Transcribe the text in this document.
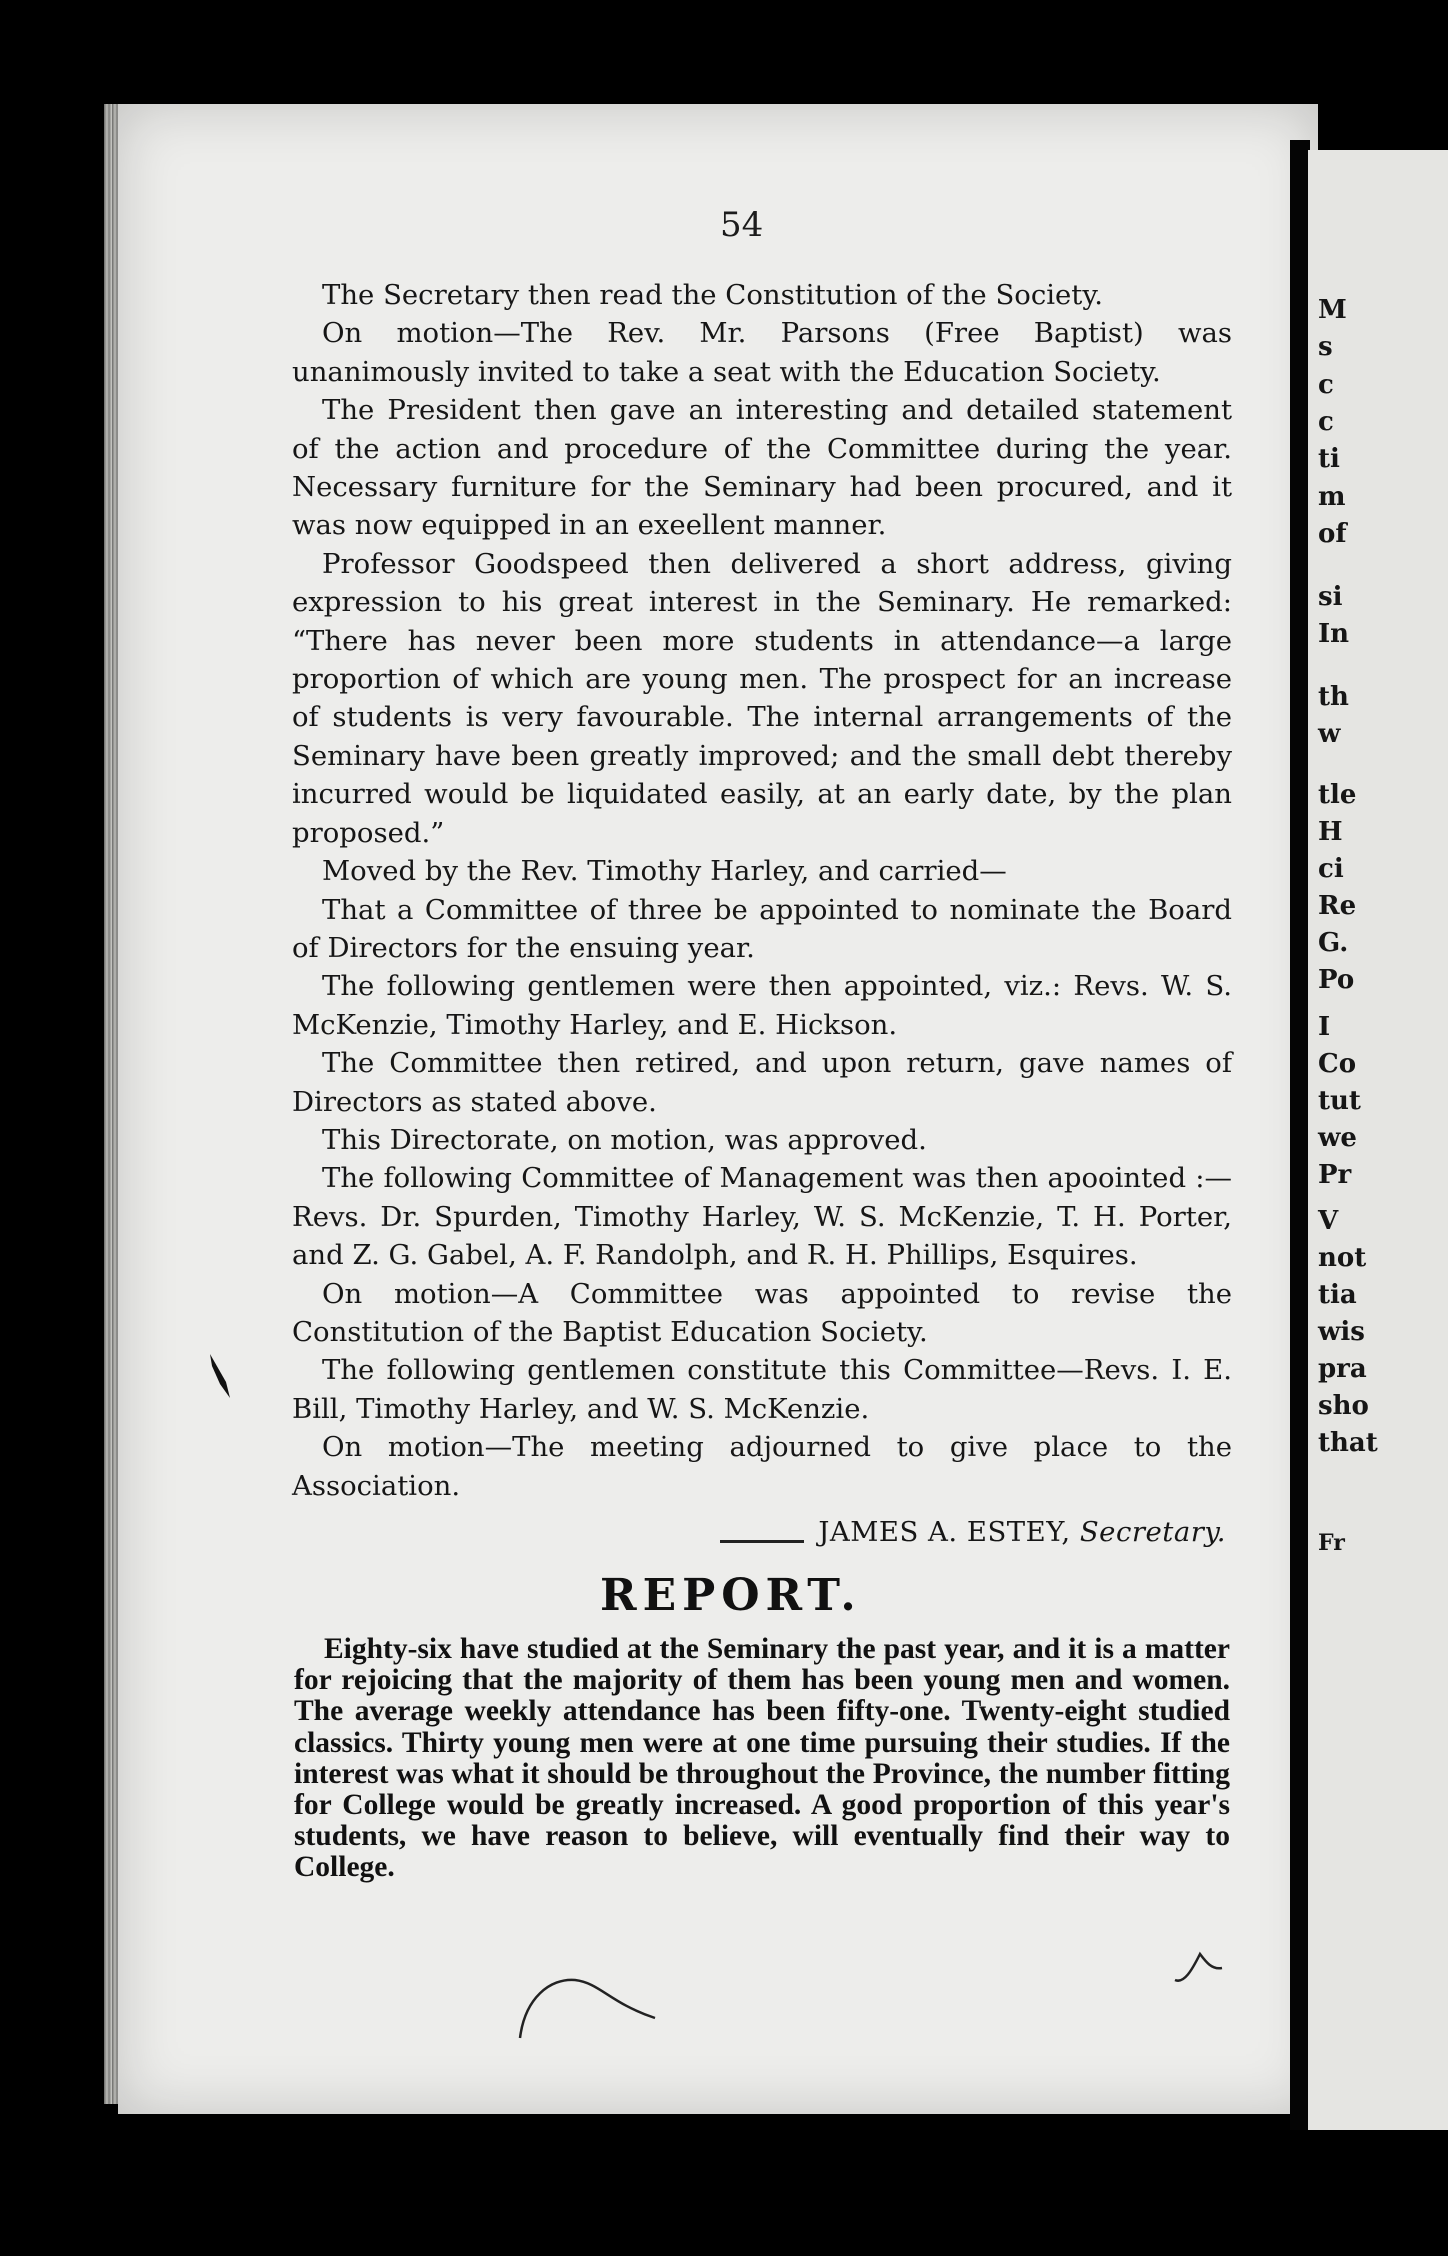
M
s
c
c
ti
m
of
si
In
th
w
tle
H
ci
Re
G.
Po
I
Co
tut
we
Pr
V
not
tia
wis
pra
sho
that
Fr
54

The Secretary then read the Constitution of the Society.

On motion—The Rev. Mr. Parsons (Free Baptist) was unanimously invited to take a seat with the Education Society.

The President then gave an interesting and detailed statement of the action and procedure of the Committee during the year. Necessary furniture for the Seminary had been procured, and it was now equipped in an exeellent manner.

Professor Goodspeed then delivered a short address, giving expression to his great interest in the Seminary. He remarked: “There has never been more students in attendance—a large proportion of which are young men. The prospect for an increase of students is very favourable. The internal arrangements of the Seminary have been greatly improved; and the small debt thereby incurred would be liquidated easily, at an early date, by the plan proposed.”

Moved by the Rev. Timothy Harley, and carried—

That a Committee of three be appointed to nominate the Board of Directors for the ensuing year.

The following gentlemen were then appointed, viz.: Revs. W. S. McKenzie, Timothy Harley, and E. Hickson.

The Committee then retired, and upon return, gave names of Directors as stated above.

This Directorate, on motion, was approved.

The following Committee of Management was then apoointed :—Revs. Dr. Spurden, Timothy Harley, W. S. McKenzie, T. H. Porter, and Z. G. Gabel, A. F. Randolph, and R. H. Phillips, Esquires.

On motion—A Committee was appointed to revise the Constitution of the Baptist Education Society.

The following gentlemen constitute this Committee—Revs. I. E. Bill, Timothy Harley, and W. S. McKenzie.

On motion—The meeting adjourned to give place to the Association.

JAMES A. ESTEY, Secretary.

REPORT.

Eighty-six have studied at the Seminary the past year, and it is a matter for rejoicing that the majority of them has been young men and women. The average weekly attendance has been fifty-one. Twenty-eight studied classics. Thirty young men were at one time pursuing their studies. If the interest was what it should be throughout the Province, the number fitting for College would be greatly increased. A good proportion of this year's students, we have reason to believe, will eventually find their way to College.
